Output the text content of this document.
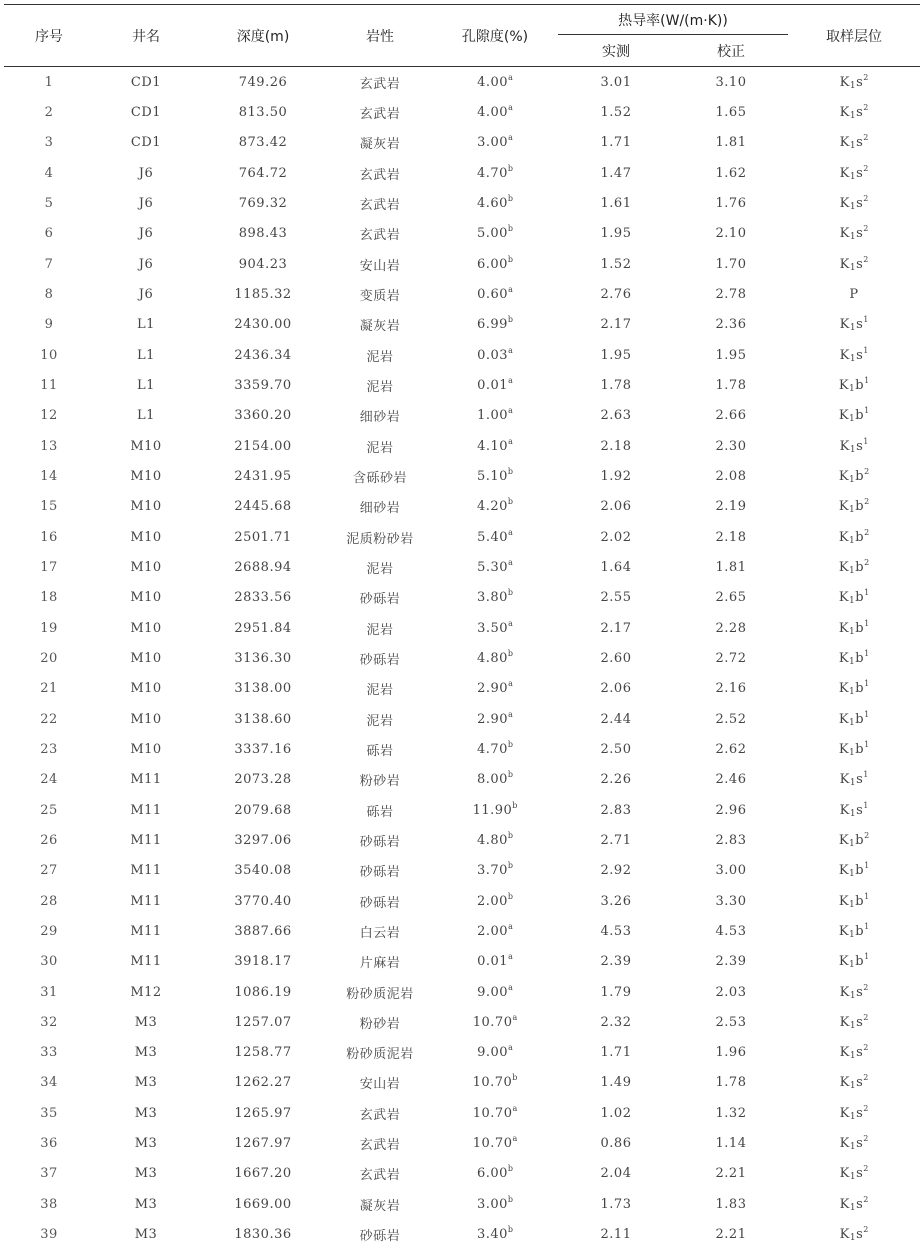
序号	井名	深度(m)	岩性	孔隙度(%)	热导率(W/(m·K))		取样层位
					实测	校正	
1	CD1	749.26	玄武岩	4.00$^a$	3.01	3.10	$K_1s^2$
2	CD1	813.50	玄武岩	4.00$^a$	1.52	1.65	$K_1s^2$
3	CD1	873.42	凝灰岩	3.00$^a$	1.71	1.81	$K_1s^2$
4	J6	764.72	玄武岩	4.70$^b$	1.47	1.62	$K_1s^2$
5	J6	769.32	玄武岩	4.60$^b$	1.61	1.76	$K_1s^2$
6	J6	898.43	玄武岩	5.00$^b$	1.95	2.10	$K_1s^2$
7	J6	904.23	安山岩	6.00$^b$	1.52	1.70	$K_1s^2$
8	J6	1185.32	变质岩	0.60$^a$	2.76	2.78	P
9	L1	2430.00	凝灰岩	6.99$^b$	2.17	2.36	$K_1s^1$
10	L1	2436.34	泥岩	0.03$^a$	1.95	1.95	$K_1s^1$
11	L1	3359.70	泥岩	0.01$^a$	1.78	1.78	$K_1b^1$
12	L1	3360.20	细砂岩	1.00$^a$	2.63	2.66	$K_1b^1$
13	M10	2154.00	泥岩	4.10$^a$	2.18	2.30	$K_1s^1$
14	M10	2431.95	含砾砂岩	5.10$^b$	1.92	2.08	$K_1b^2$
15	M10	2445.68	细砂岩	4.20$^b$	2.06	2.19	$K_1b^2$
16	M10	2501.71	泥质粉砂岩	5.40$^a$	2.02	2.18	$K_1b^2$
17	M10	2688.94	泥岩	5.30$^a$	1.64	1.81	$K_1b^2$
18	M10	2833.56	砂砾岩	3.80$^b$	2.55	2.65	$K_1b^1$
19	M10	2951.84	泥岩	3.50$^a$	2.17	2.28	$K_1b^1$
20	M10	3136.30	砂砾岩	4.80$^b$	2.60	2.72	$K_1b^1$
21	M10	3138.00	泥岩	2.90$^a$	2.06	2.16	$K_1b^1$
22	M10	3138.60	泥岩	2.90$^a$	2.44	2.52	$K_1b^1$
23	M10	3337.16	砾岩	4.70$^b$	2.50	2.62	$K_1b^1$
24	M11	2073.28	粉砂岩	8.00$^b$	2.26	2.46	$K_1s^1$
25	M11	2079.68	砾岩	11.90$^b$	2.83	2.96	$K_1s^1$
26	M11	3297.06	砂砾岩	4.80$^b$	2.71	2.83	$K_1b^2$
27	M11	3540.08	砂砾岩	3.70$^b$	2.92	3.00	$K_1b^1$
28	M11	3770.40	砂砾岩	2.00$^b$	3.26	3.30	$K_1b^1$
29	M11	3887.66	白云岩	2.00$^a$	4.53	4.53	$K_1b^1$
30	M11	3918.17	片麻岩	0.01$^a$	2.39	2.39	$K_1b^1$
31	M12	1086.19	粉砂质泥岩	9.00$^a$	1.79	2.03	$K_1s^2$
32	M3	1257.07	粉砂岩	10.70$^a$	2.32	2.53	$K_1s^2$
33	M3	1258.77	粉砂质泥岩	9.00$^a$	1.71	1.96	$K_1s^2$
34	M3	1262.27	安山岩	10.70$^b$	1.49	1.78	$K_1s^2$
35	M3	1265.97	玄武岩	10.70$^a$	1.02	1.32	$K_1s^2$
36	M3	1267.97	玄武岩	10.70$^a$	0.86	1.14	$K_1s^2$
37	M3	1667.20	玄武岩	6.00$^b$	2.04	2.21	$K_1s^2$
38	M3	1669.00	凝灰岩	3.00$^b$	1.73	1.83	$K_1s^2$
39	M3	1830.36	砂砾岩	3.40$^b$	2.11	2.21	$K_1s^2$
